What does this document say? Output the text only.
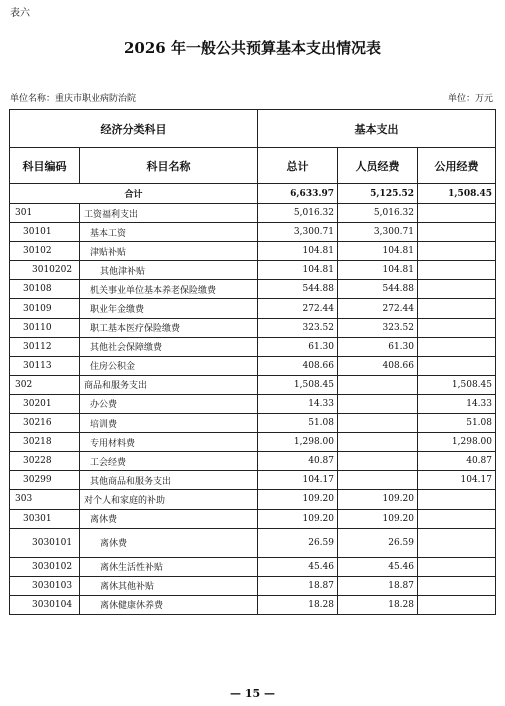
表六
2026 年一般公共预算基本支出情况表
单位名称：重庆市职业病防治院	单位：万元
经济分类科目		基本支出		
科目编码	科目名称	总计	人员经费	公用经费
合计		6,633.97	5,125.52	1,508.45
301	工资福利支出	5,016.32	5,016.32	
30101	基本工资	3,300.71	3,300.71	
30102	津贴补贴	104.81	104.81	
3010202	其他津补贴	104.81	104.81	
30108	机关事业单位基本养老保险缴费	544.88	544.88	
30109	职业年金缴费	272.44	272.44	
30110	职工基本医疗保险缴费	323.52	323.52	
30112	其他社会保障缴费	61.30	61.30	
30113	住房公积金	408.66	408.66	
302	商品和服务支出	1,508.45		1,508.45
30201	办公费	14.33		14.33
30216	培训费	51.08		51.08
30218	专用材料费	1,298.00		1,298.00
30228	工会经费	40.87		40.87
30299	其他商品和服务支出	104.17		104.17
303	对个人和家庭的补助	109.20	109.20	
30301	离休费	109.20	109.20	
3030101	离休费	26.59	26.59	
3030102	离休生活性补贴	45.46	45.46	
3030103	离休其他补贴	18.87	18.87	
3030104	离休健康休养费	18.28	18.28	
— 15 —
